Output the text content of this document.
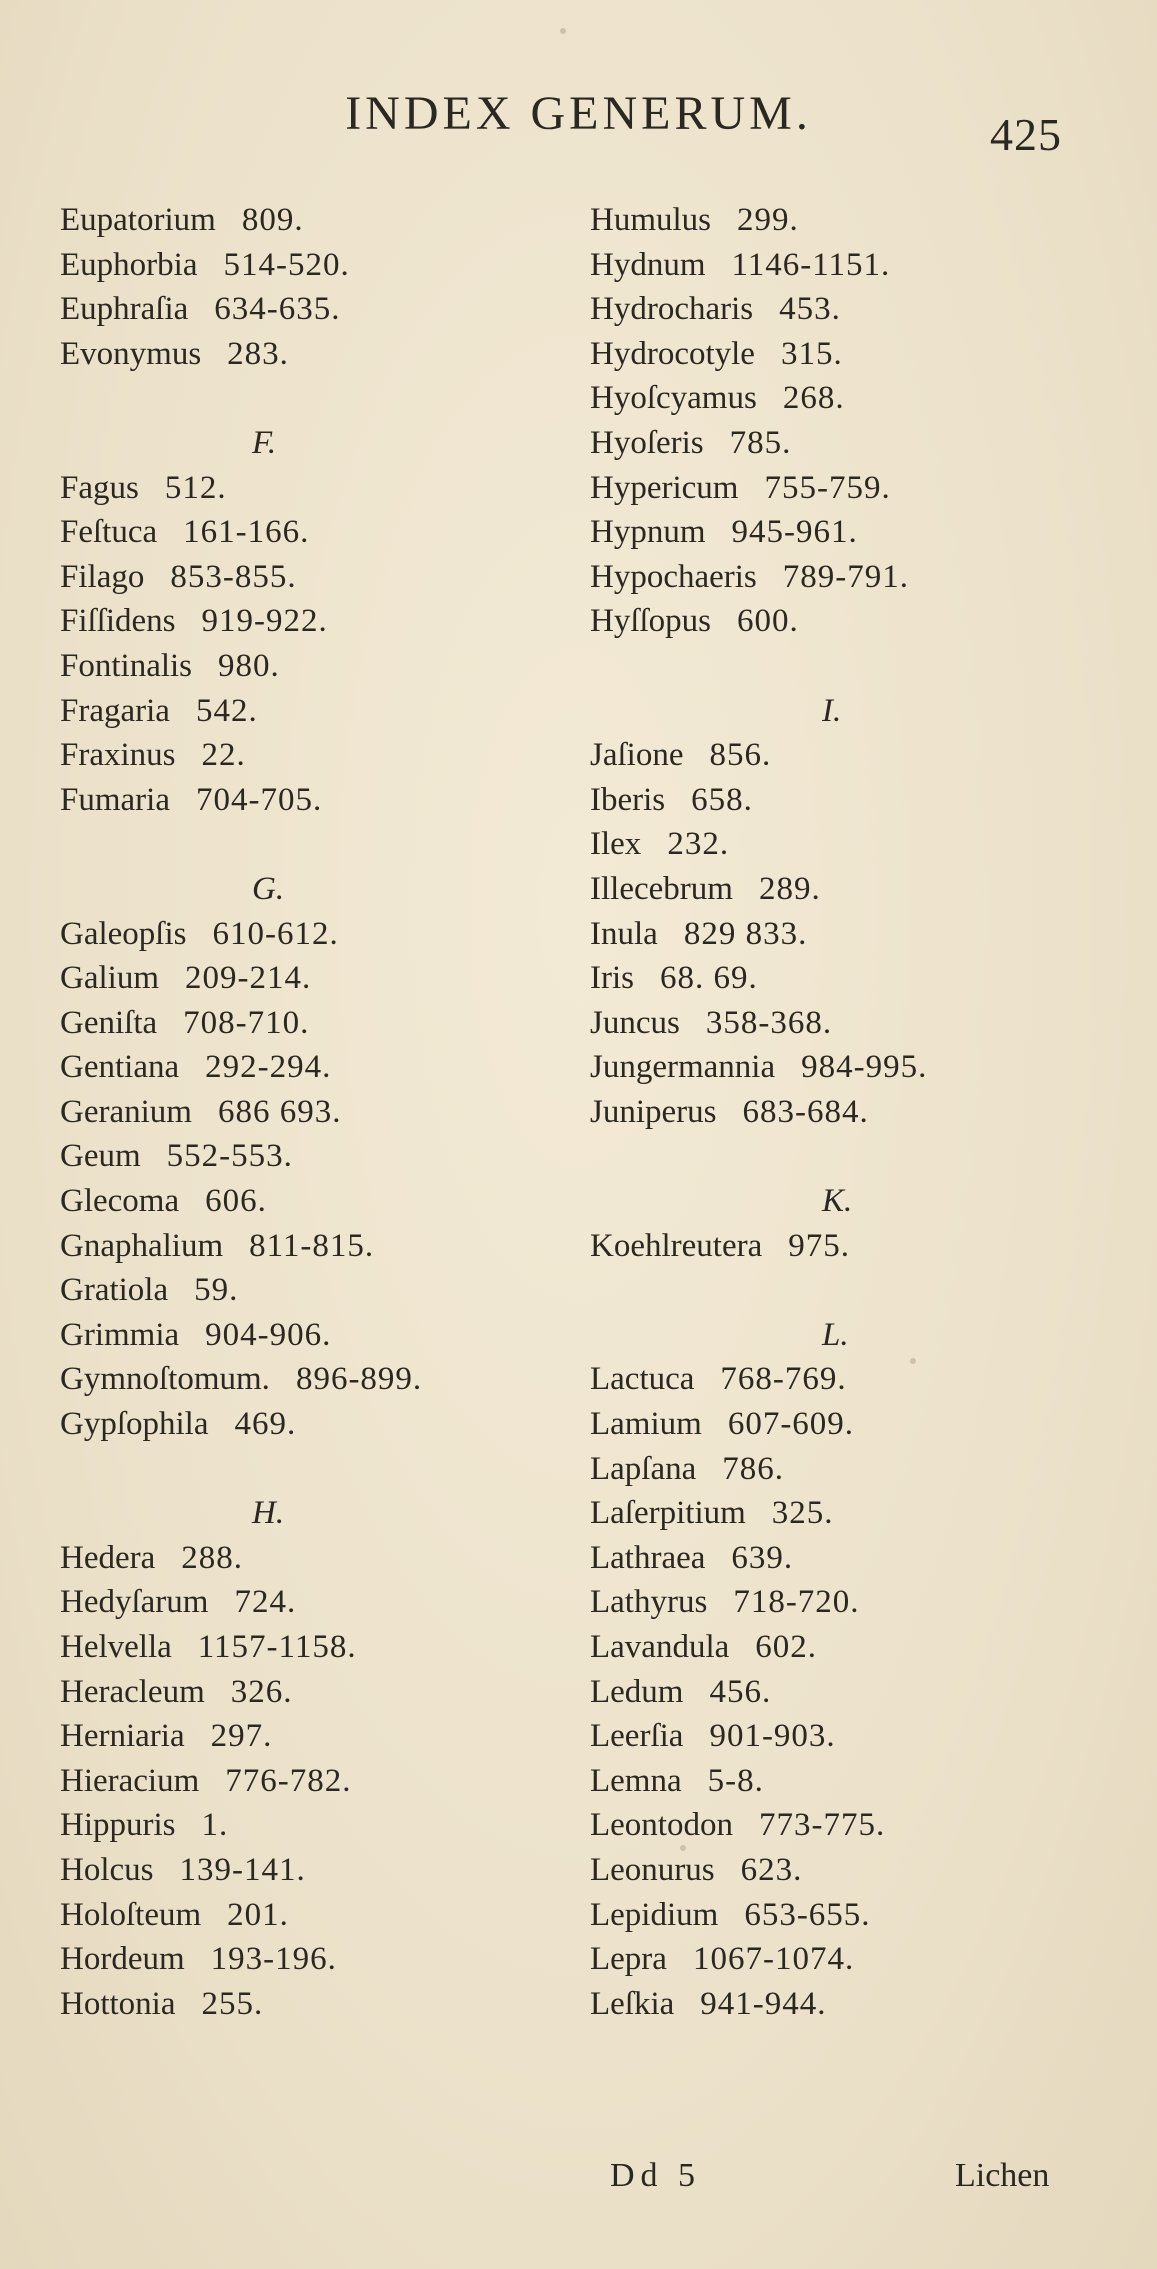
INDEX GENERUM.	425
Eupatorium 809.
Euphorbia 514-520.
Euphraſia 634-635.
Evonymus 283.
F.
Fagus 512.
Feſtuca 161-166.
Filago 853-855.
Fiſſidens 919-922.
Fontinalis 980.
Fragaria 542.
Fraxinus 22.
Fumaria 704-705.
G.
Galeopſis 610-612.
Galium 209-214.
Geniſta 708-710.
Gentiana 292-294.
Geranium 686 693.
Geum 552-553.
Glecoma 606.
Gnaphalium 811-815.
Gratiola 59.
Grimmia 904-906.
Gymnoſtomum. 896-899.
Gypſophila 469.
H.
Hedera 288.
Hedyſarum 724.
Helvella 1157-1158.
Heracleum 326.
Herniaria 297.
Hieracium 776-782.
Hippuris 1.
Holcus 139-141.
Holoſteum 201.
Hordeum 193-196.
Hottonia 255.
Humulus 299.
Hydnum 1146-1151.
Hydrocharis 453.
Hydrocotyle 315.
Hyoſcyamus 268.
Hyoſeris 785.
Hypericum 755-759.
Hypnum 945-961.
Hypochaeris 789-791.
Hyſſopus 600.
I.
Jaſione 856.
Iberis 658.
Ilex 232.
Illecebrum 289.
Inula 829 833.
Iris 68. 69.
Juncus 358-368.
Jungermannia 984-995.
Juniperus 683-684.
K.
Koehlreutera 975.
L.
Lactuca 768-769.
Lamium 607-609.
Lapſana 786.
Laſerpitium 325.
Lathraea 639.
Lathyrus 718-720.
Lavandula 602.
Ledum 456.
Leerſia 901-903.
Lemna 5-8.
Leontodon 773-775.
Leonurus 623.
Lepidium 653-655.
Lepra 1067-1074.
Leſkia 941-944.
Dd 5	Lichen
